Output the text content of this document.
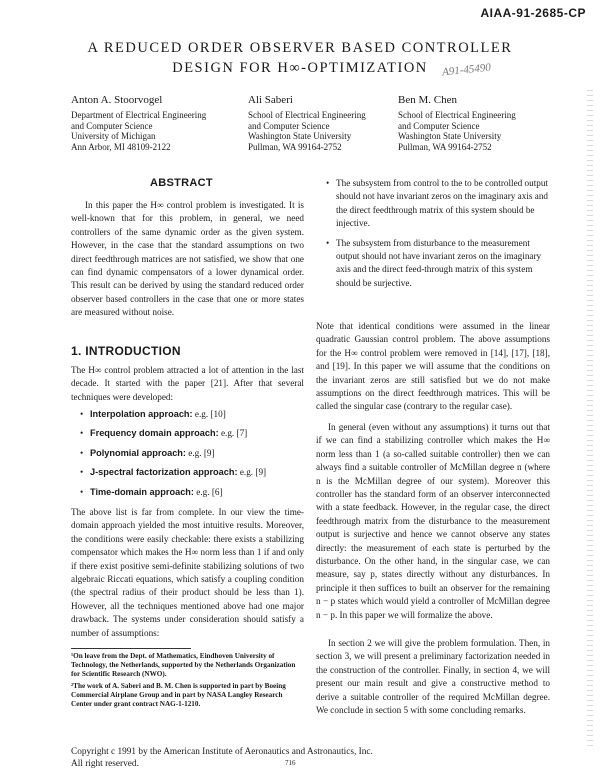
AIAA-91-2685-CP
A REDUCED ORDER OBSERVER BASED CONTROLLER
DESIGN FOR H∞-OPTIMIZATION	A91-45490
Anton A. Stoorvogel
Department of Electrical Engineering
and Computer Science
University of Michigan
Ann Arbor, MI 48109-2122
Ali Saberi
School of Electrical Engineering
and Computer Science
Washington State University
Pullman, WA 99164-2752
Ben M. Chen
School of Electrical Engineering
and Computer Science
Washington State University
Pullman, WA 99164-2752
ABSTRACT
In this paper the H∞ control problem is investigated. It is well-known that for this problem, in general, we need controllers of the same dynamic order as the given system. However, in the case that the standard assumptions on two direct feedthrough matrices are not satisfied, we show that one can find dynamic compensators of a lower dynamical order. This result can be derived by using the standard reduced order observer based controllers in the case that one or more states are measured without noise.
1. INTRODUCTION
The H∞ control problem attracted a lot of attention in the last decade. It started with the paper [21]. After that several techniques were developed:
• Interpolation approach: e.g. [10]
• Frequency domain approach: e.g. [7]
• Polynomial approach: e.g. [9]
• J-spectral factorization approach: e.g. [9]
• Time-domain approach: e.g. [6]
The above list is far from complete. In our view the time-domain approach yielded the most intuitive results. Moreover, the conditions were easily checkable: there exists a stabilizing compensator which makes the H∞ norm less than 1 if and only if there exist positive semi-definite stabilizing solutions of two algebraic Riccati equations, which satisfy a coupling condition (the spectral radius of their product should be less than 1). However, all the techniques mentioned above had one major drawback. The systems under consideration should satisfy a number of assumptions:
¹On leave from the Dept. of Mathematics, Eindhoven University of Technology, the Netherlands, supported by the Netherlands Organization for Scientific Research (NWO).
²The work of A. Saberi and B. M. Chen is supported in part by Boeing Commercial Airplane Group and in part by NASA Langley Research Center under grant contract NAG-1-1210.
• The subsystem from control to the to be controlled output should not have invariant zeros on the imaginary axis and the direct feedthrough matrix of this system should be injective.
• The subsystem from disturbance to the measurement output should not have invariant zeros on the imaginary axis and the direct feed-through matrix of this system should be surjective.
Note that identical conditions were assumed in the linear quadratic Gaussian control problem. The above assumptions for the H∞ control problem were removed in [14], [17], [18], and [19]. In this paper we will assume that the conditions on the invariant zeros are still satisfied but we do not make assumptions on the direct feedthrough matrices. This will be called the singular case (contrary to the regular case).
In general (even without any assumptions) it turns out that if we can find a stabilizing controller which makes the H∞ norm less than 1 (a so-called suitable controller) then we can always find a suitable controller of McMillan degree n (where n is the McMillan degree of our system). Moreover this controller has the standard form of an observer interconnected with a state feedback. However, in the regular case, the direct feedthrough matrix from the disturbance to the measurement output is surjective and hence we cannot observe any states directly: the measurement of each state is perturbed by the disturbance. On the other hand, in the singular case, we can measure, say p, states directly without any disturbances. In principle it then suffices to built an observer for the remaining n − p states which would yield a controller of McMillan degree n − p. In this paper we will formalize the above.
In section 2 we will give the problem formulation. Then, in section 3, we will present a preliminary factorization needed in the construction of the controller. Finally, in section 4, we will present our main result and give a constructive method to derive a suitable controller of the required McMillan degree. We conclude in section 5 with some concluding remarks.
Copyright c 1991 by the American Institute of Aeronautics and Astronautics, Inc.
All right reserved.	716
